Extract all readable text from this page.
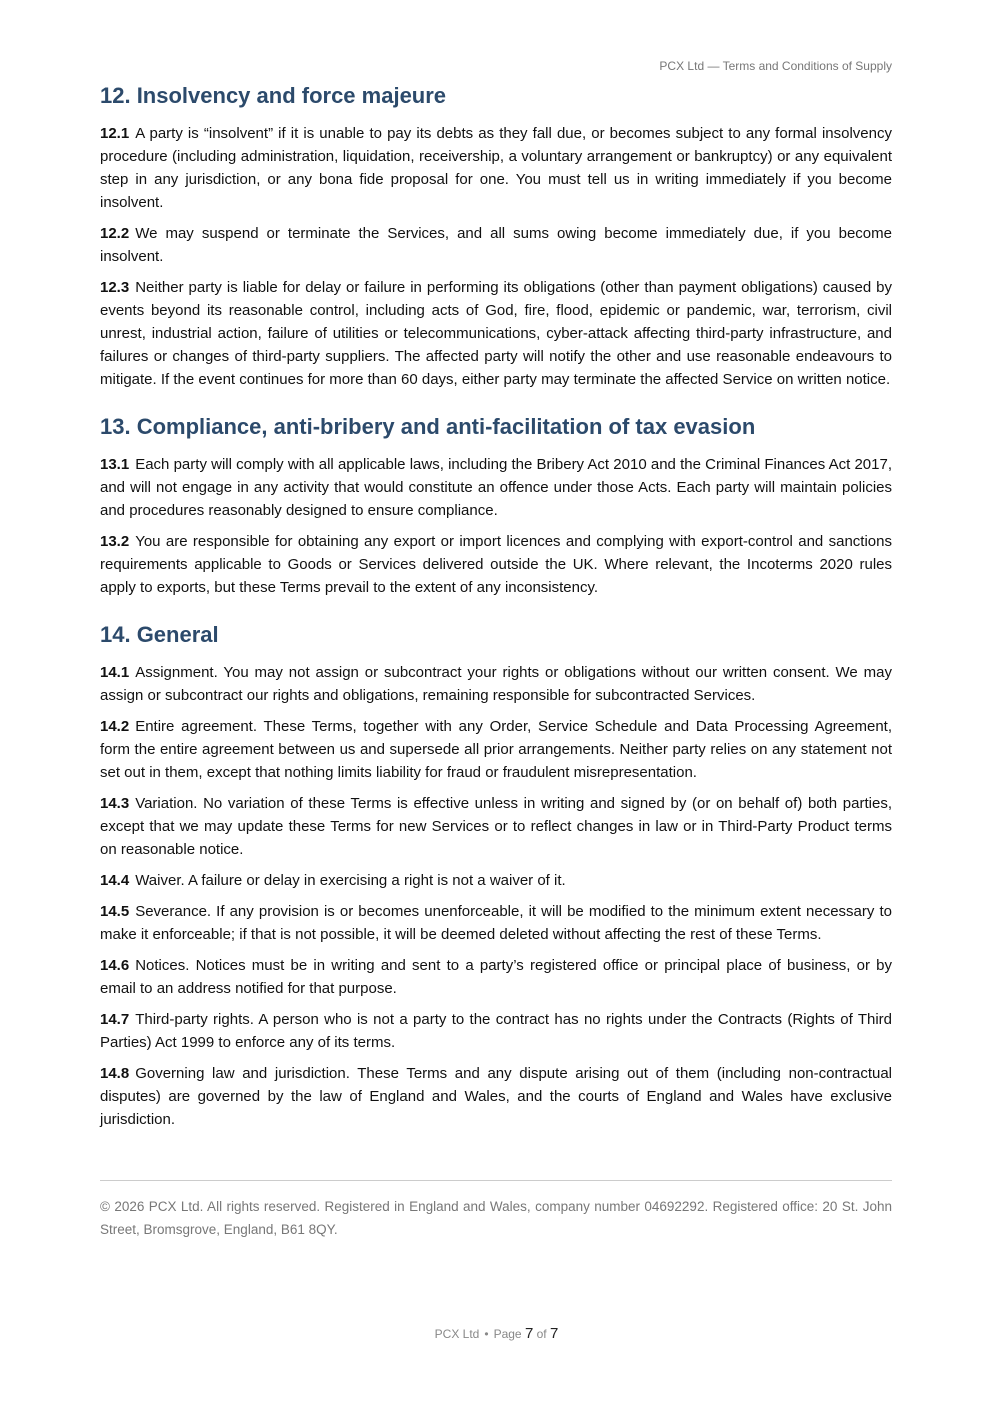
PCX Ltd — Terms and Conditions of Supply
12. Insolvency and force majeure

12.1 A party is “insolvent” if it is unable to pay its debts as they fall due, or becomes subject to any formal insolvency procedure (including administration, liquidation, receivership, a voluntary arrangement or bankruptcy) or any equivalent step in any jurisdiction, or any bona fide proposal for one. You must tell us in writing immediately if you become insolvent.

12.2 We may suspend or terminate the Services, and all sums owing become immediately due, if you become insolvent.

12.3 Neither party is liable for delay or failure in performing its obligations (other than payment obligations) caused by events beyond its reasonable control, including acts of God, fire, flood, epidemic or pandemic, war, terrorism, civil unrest, industrial action, failure of utilities or telecommunications, cyber-attack affecting third-party infrastructure, and failures or changes of third-party suppliers. The affected party will notify the other and use reasonable endeavours to mitigate. If the event continues for more than 60 days, either party may terminate the affected Service on written notice.

13. Compliance, anti-bribery and anti-facilitation of tax evasion

13.1 Each party will comply with all applicable laws, including the Bribery Act 2010 and the Criminal Finances Act 2017, and will not engage in any activity that would constitute an offence under those Acts. Each party will maintain policies and procedures reasonably designed to ensure compliance.

13.2 You are responsible for obtaining any export or import licences and complying with export-control and sanctions requirements applicable to Goods or Services delivered outside the UK. Where relevant, the Incoterms 2020 rules apply to exports, but these Terms prevail to the extent of any inconsistency.

14. General

14.1 Assignment. You may not assign or subcontract your rights or obligations without our written consent. We may assign or subcontract our rights and obligations, remaining responsible for subcontracted Services.

14.2 Entire agreement. These Terms, together with any Order, Service Schedule and Data Processing Agreement, form the entire agreement between us and supersede all prior arrangements. Neither party relies on any statement not set out in them, except that nothing limits liability for fraud or fraudulent misrepresentation.

14.3 Variation. No variation of these Terms is effective unless in writing and signed by (or on behalf of) both parties, except that we may update these Terms for new Services or to reflect changes in law or in Third-Party Product terms on reasonable notice.

14.4 Waiver. A failure or delay in exercising a right is not a waiver of it.

14.5 Severance. If any provision is or becomes unenforceable, it will be modified to the minimum extent necessary to make it enforceable; if that is not possible, it will be deemed deleted without affecting the rest of these Terms.

14.6 Notices. Notices must be in writing and sent to a party’s registered office or principal place of business, or by email to an address notified for that purpose.

14.7 Third-party rights. A person who is not a party to the contract has no rights under the Contracts (Rights of Third Parties) Act 1999 to enforce any of its terms.

14.8 Governing law and jurisdiction. These Terms and any dispute arising out of them (including non-contractual disputes) are governed by the law of England and Wales, and the courts of England and Wales have exclusive jurisdiction.

© 2026 PCX Ltd. All rights reserved. Registered in England and Wales, company number 04692292. Registered office: 20 St. John Street, Bromsgrove, England, B61 8QY.
PCX Ltd • Page 7 of 7
